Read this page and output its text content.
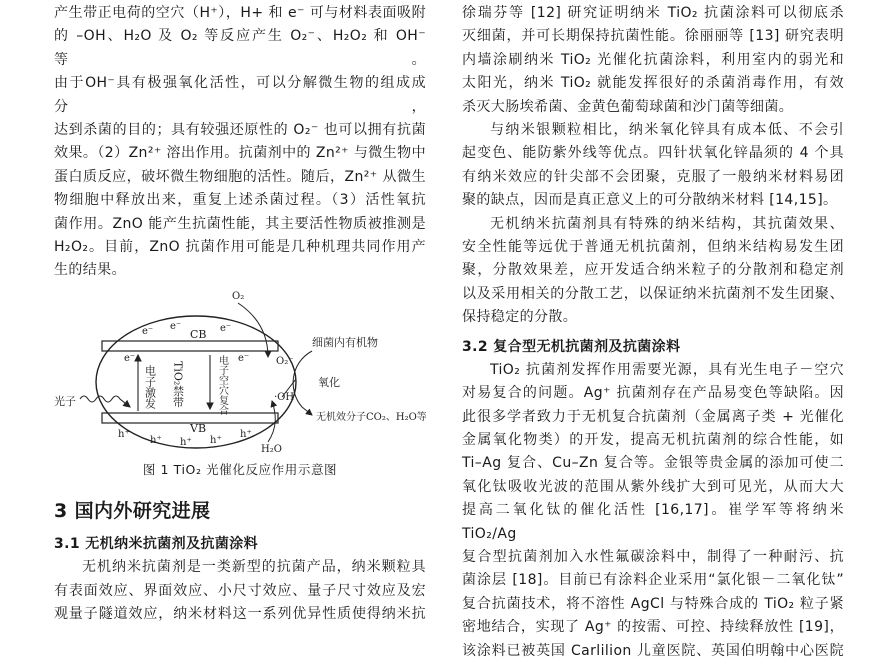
产生带正电荷的空穴（H⁺），H+ 和 e⁻ 可与材料表面吸附

的 –OH、H₂O 及 O₂ 等反应产生 O₂⁻、H₂O₂ 和 OH⁻ 等。

由于OH⁻具有极强氧化活性，可以分解微生物的组成成分，

达到杀菌的目的；具有较强还原性的 O₂⁻ 也可以拥有抗菌

效果。（2）Zn²⁺ 溶出作用。抗菌剂中的 Zn²⁺ 与微生物中

蛋白质反应，破坏微生物细胞的活性。随后，Zn²⁺ 从微生

物细胞中释放出来，重复上述杀菌过程。（3）活性氧抗

菌作用。ZnO 能产生抗菌性能，其主要活性物质被推测是

H₂O₂。目前，ZnO 抗菌作用可能是几种机理共同作用产

生的结果。

CB
VB
e⁻ e⁻	e⁻
e⁻	e⁻
h⁺
h⁺ h⁺ h⁺
h⁺
电子激发 TiO₂禁带	电子空穴复合
O₂
O₂⁻
·OH
H₂O
细菌内有机物
氧化
无机效分子CO₂、H₂O等
光子

图 1 TiO₂ 光催化反应作用示意图

3 国内外研究进展

3.1 无机纳米抗菌剂及抗菌涂料

无机纳米抗菌剂是一类新型的抗菌产品，纳米颗粒具

有表面效应、界面效应、小尺寸效应、量子尺寸效应及宏

观量子隧道效应，纳米材料这一系列优异性质使得纳米抗

徐瑞芬等 [12] 研究证明纳米 TiO₂ 抗菌涂料可以彻底杀

灭细菌，并可长期保持抗菌性能。徐丽丽等 [13] 研究表明

内墙涂刷纳米 TiO₂ 光催化抗菌涂料，利用室内的弱光和

太阳光，纳米 TiO₂ 就能发挥很好的杀菌消毒作用，有效

杀灭大肠埃希菌、金黄色葡萄球菌和沙门菌等细菌。

与纳米银颗粒相比，纳米氧化锌具有成本低、不会引

起变色、能防紫外线等优点。四针状氧化锌晶须的 4 个具

有纳米效应的针尖部不会团聚，克服了一般纳米材料易团

聚的缺点，因而是真正意义上的可分散纳米材料 [14,15]。

无机纳米抗菌剂具有特殊的纳米结构，其抗菌效果、

安全性能等远优于普通无机抗菌剂，但纳米结构易发生团

聚，分散效果差，应开发适合纳米粒子的分散剂和稳定剂

以及采用相关的分散工艺，以保证纳米抗菌剂不发生团聚、

保持稳定的分散。

3.2 复合型无机抗菌剂及抗菌涂料

TiO₂ 抗菌剂发挥作用需要光源，具有光生电子－空穴

对易复合的问题。Ag⁺ 抗菌剂存在产品易变色等缺陷。因

此很多学者致力于无机复合抗菌剂（金属离子类 + 光催化

金属氧化物类）的开发，提高无机抗菌剂的综合性能，如

Ti–Ag 复合、Cu–Zn 复合等。金银等贵金属的添加可使二

氧化钛吸收光波的范围从紫外线扩大到可见光，从而大大

提高二氧化钛的催化活性 [16,17]。崔学军等将纳米 TiO₂/Ag

复合型抗菌剂加入水性氟碳涂料中，制得了一种耐污、抗

菌涂层 [18]。目前已有涂料企业采用“氯化银－二氧化钛”

复合抗菌技术，将不溶性 AgCl 与特殊合成的 TiO₂ 粒子紧

密地结合，实现了 Ag⁺ 的按需、可控、持续释放性 [19]，

该涂料已被英国 Carlilion 儿童医院、英国伯明翰中心医院
